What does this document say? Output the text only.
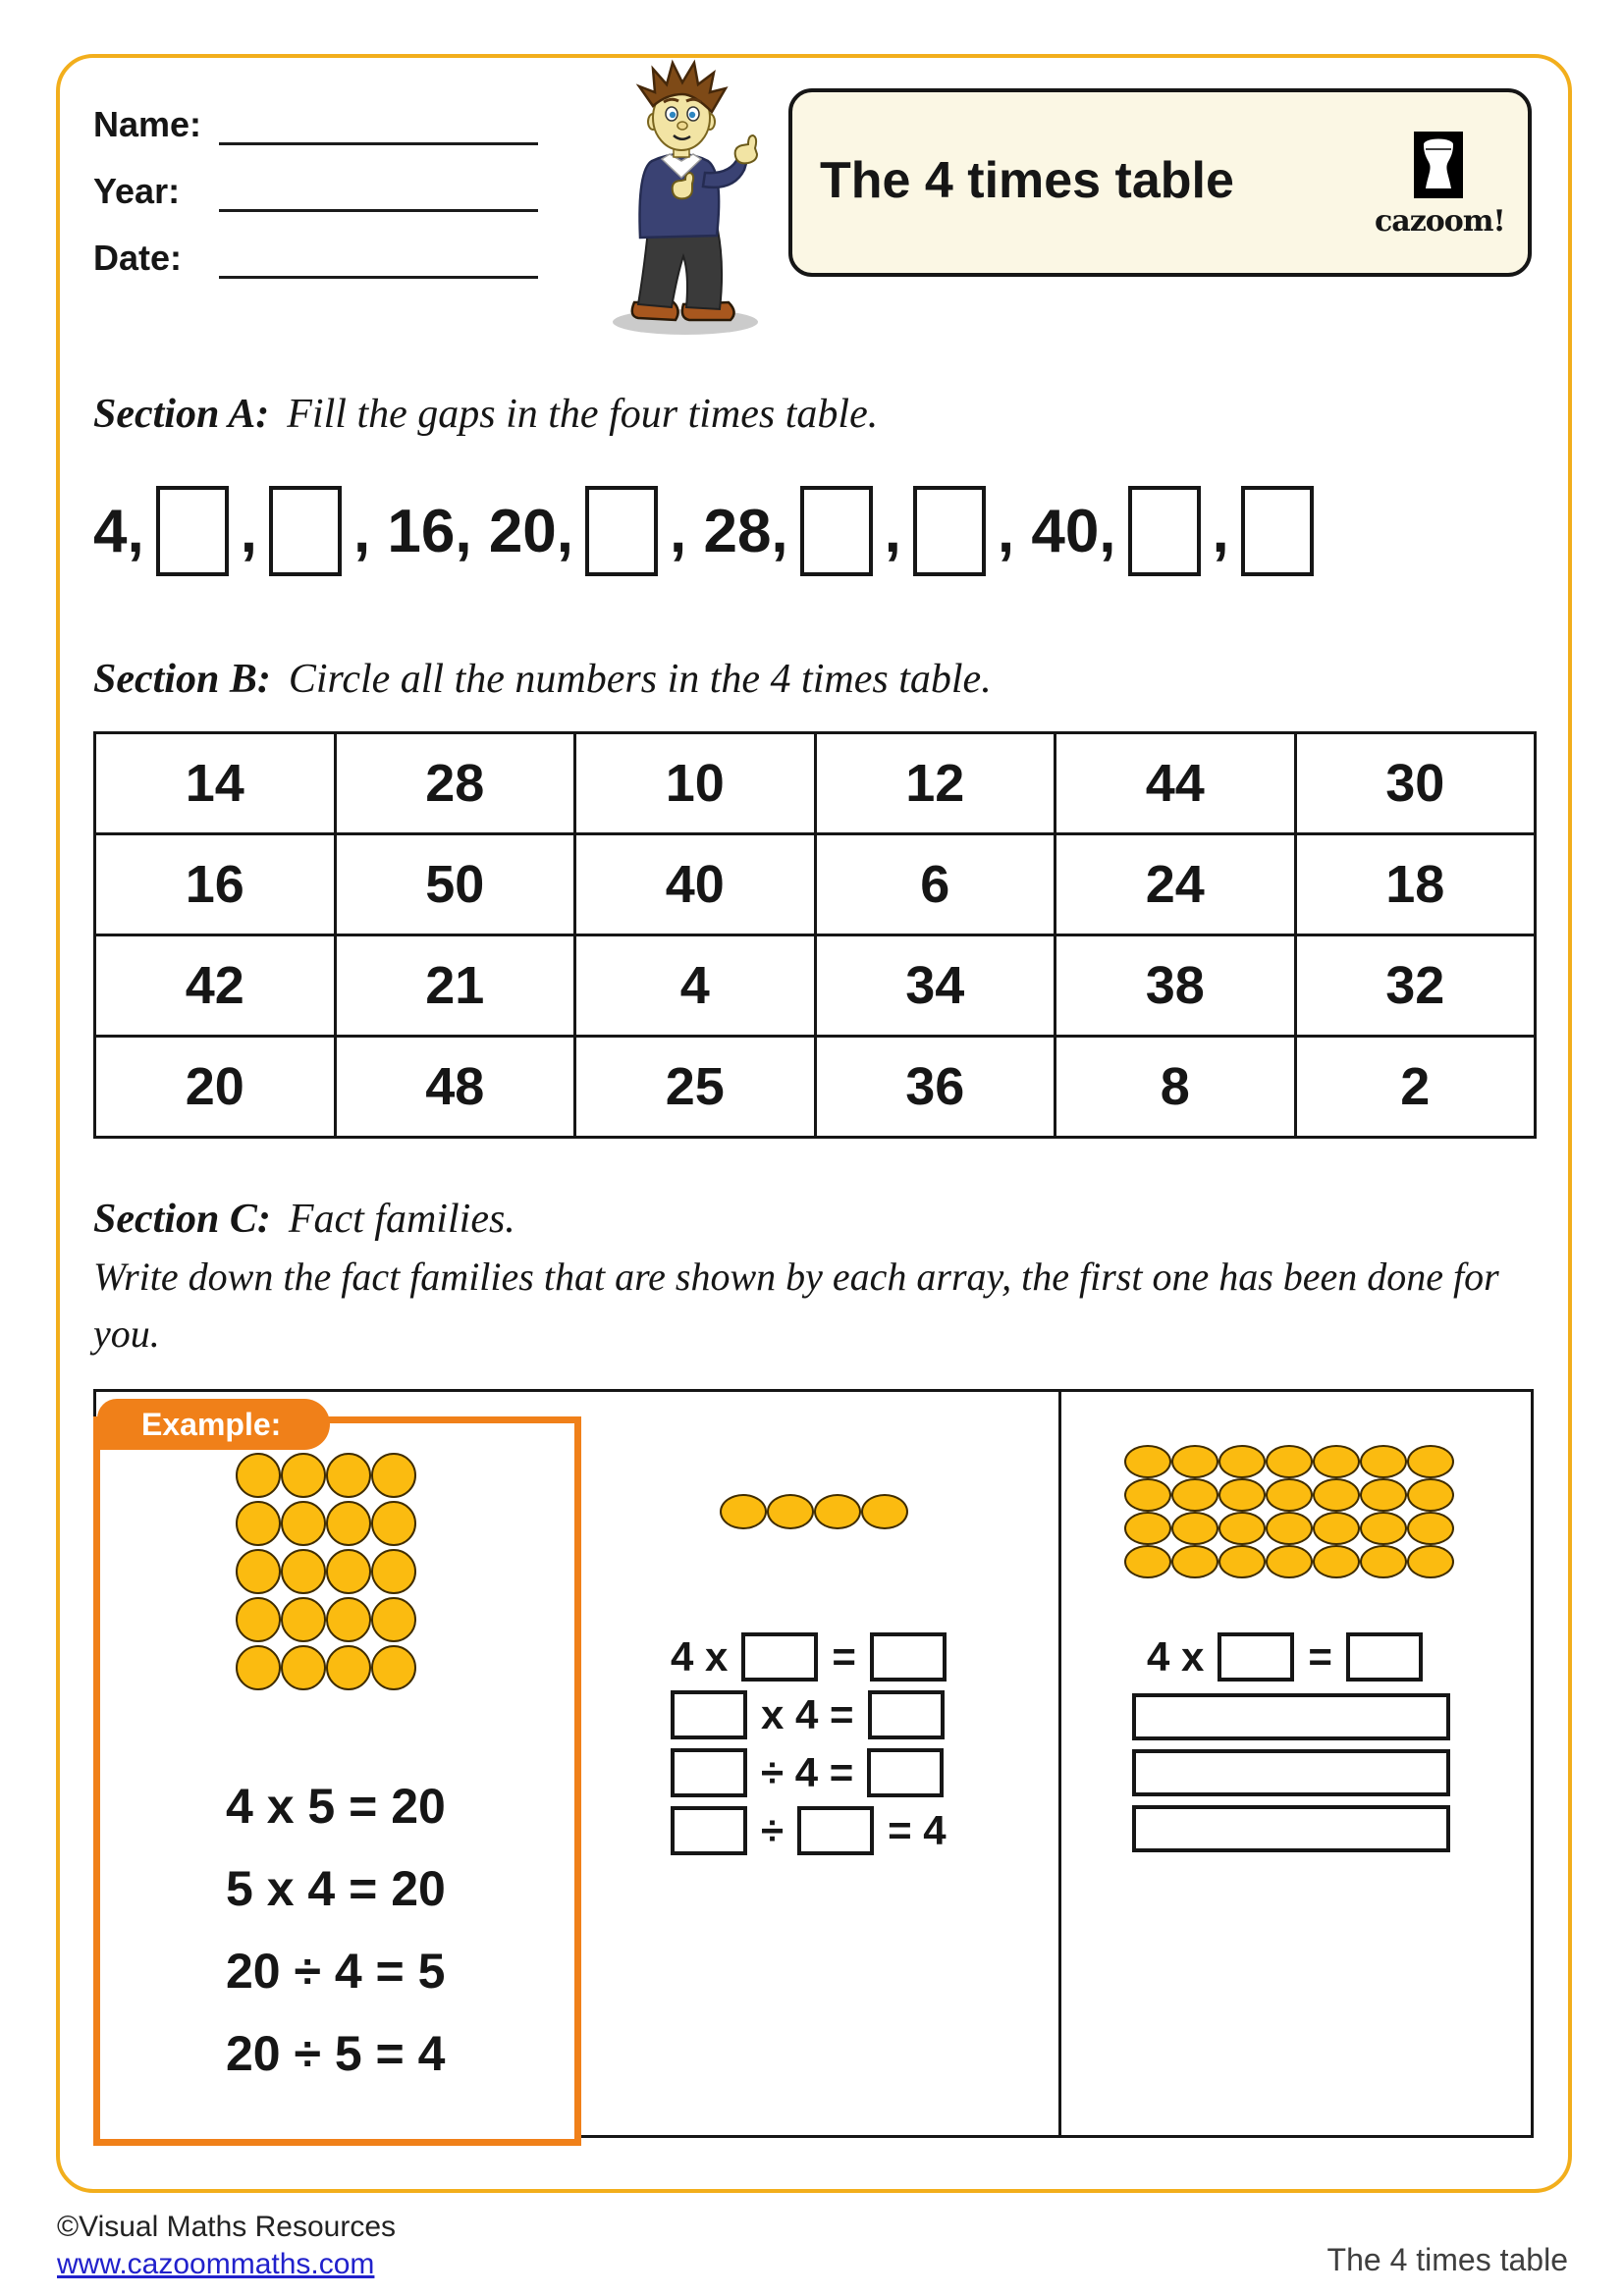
Name:
Year:
Date:
The 4 times table
cazoom!
Section A: Fill the gaps in the four times table.
4, , , 16, 20, , 28, , , 40, ,
Section B: Circle all the numbers in the 4 times table.
14	28	10	12	44	30
16	50	40	6	24	18
42	21	4	34	38	32
20	48	25	36	8	2
Section C: Fact families.
Write down the fact families that are shown by each array, the first one has been done for you.
Example:
4 x 5 = 20
5 x 4 = 20
20 ÷ 4 = 5
20 ÷ 5 = 4
4 x	=
x 4 =
÷ 4 =
÷	= 4
4 x	=
©Visual Maths Resources
www.cazoommaths.com	The 4 times table
